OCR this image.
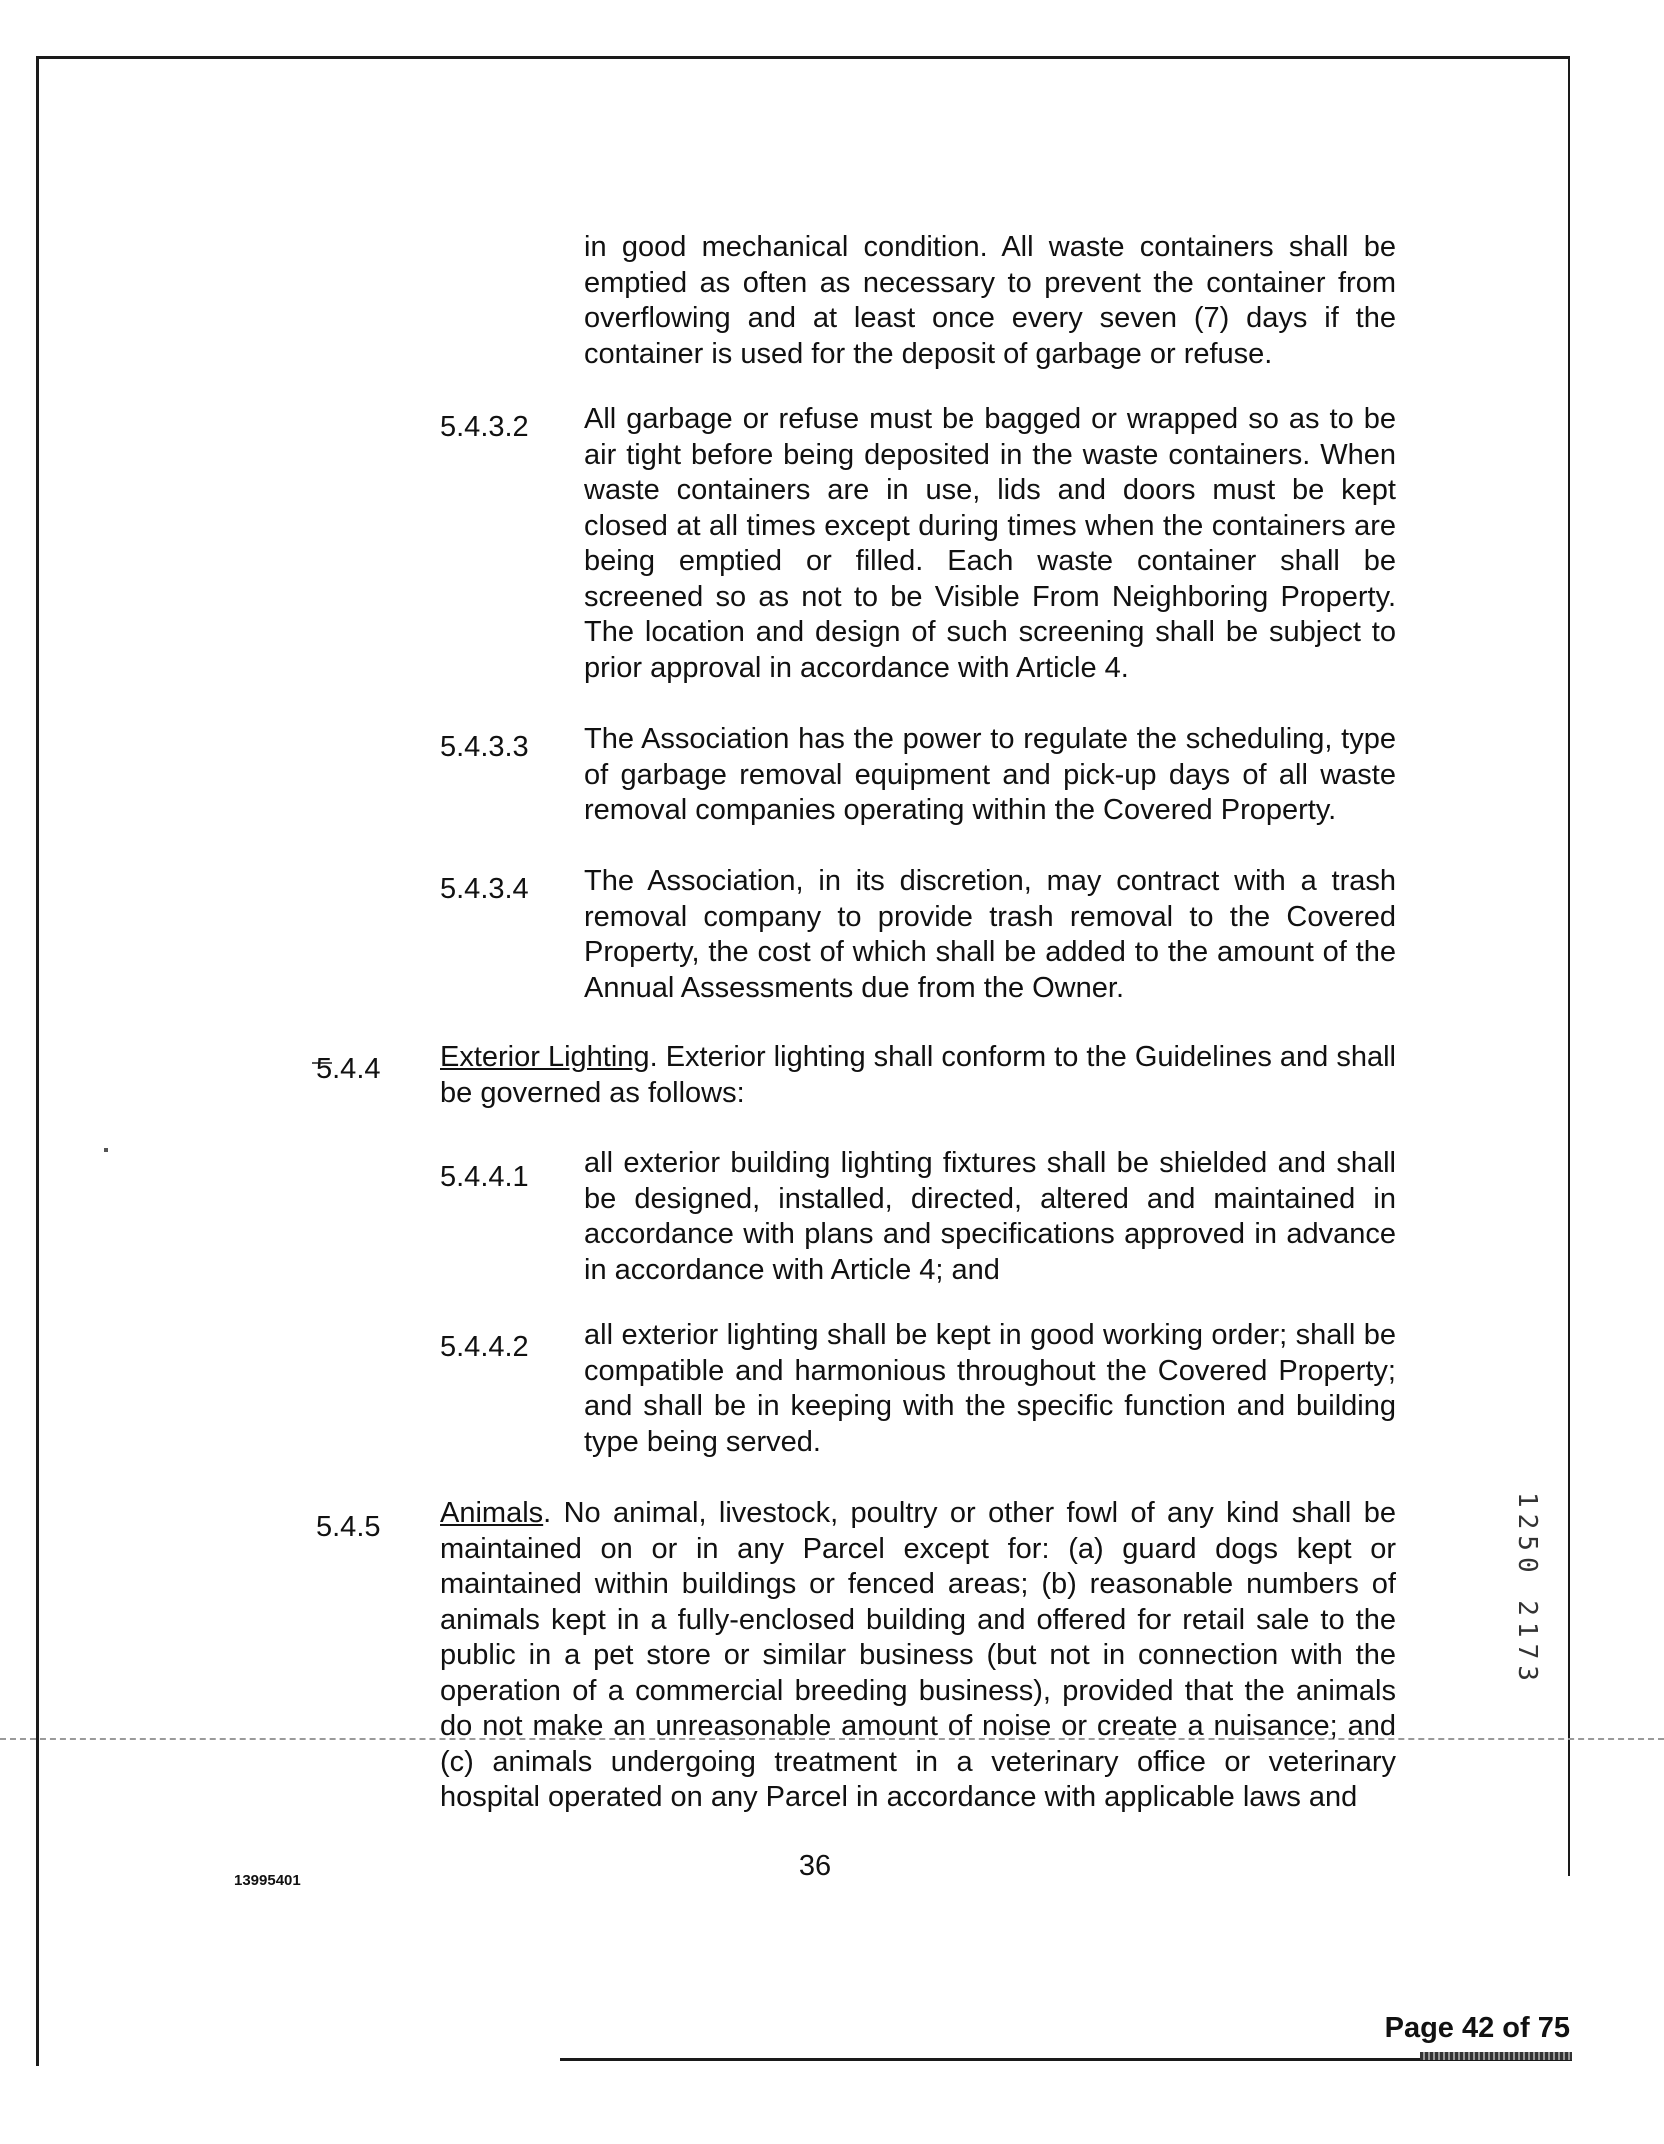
in good mechanical condition. All waste containers shall be emptied as often as necessary to prevent the container from overflowing and at least once every seven (7) days if the container is used for the deposit of garbage or refuse.
5.4.3.2 All garbage or refuse must be bagged or wrapped so as to be air tight before being deposited in the waste containers. When waste containers are in use, lids and doors must be kept closed at all times except during times when the containers are being emptied or filled. Each waste container shall be screened so as not to be Visible From Neighboring Property. The location and design of such screening shall be subject to prior approval in accordance with Article 4.
5.4.3.3 The Association has the power to regulate the scheduling, type of garbage removal equipment and pick-up days of all waste removal companies operating within the Covered Property.
5.4.3.4 The Association, in its discretion, may contract with a trash removal company to provide trash removal to the Covered Property, the cost of which shall be added to the amount of the Annual Assessments due from the Owner.
5.4.4 Exterior Lighting. Exterior lighting shall conform to the Guidelines and shall be governed as follows:
5.4.4.1 all exterior building lighting fixtures shall be shielded and shall be designed, installed, directed, altered and maintained in accordance with plans and specifications approved in advance in accordance with Article 4; and
5.4.4.2 all exterior lighting shall be kept in good working order; shall be compatible and harmonious throughout the Covered Property; and shall be in keeping with the specific function and building type being served.
5.4.5 Animals. No animal, livestock, poultry or other fowl of any kind shall be maintained on or in any Parcel except for: (a) guard dogs kept or maintained within buildings or fenced areas; (b) reasonable numbers of animals kept in a fully-enclosed building and offered for retail sale to the public in a pet store or similar business (but not in connection with the operation of a commercial breeding business), provided that the animals do not make an unreasonable amount of noise or create a nuisance; and (c) animals undergoing treatment in a veterinary office or veterinary hospital operated on any Parcel in accordance with applicable laws and
1250 2173
13995401	36
Page 42 of 75
